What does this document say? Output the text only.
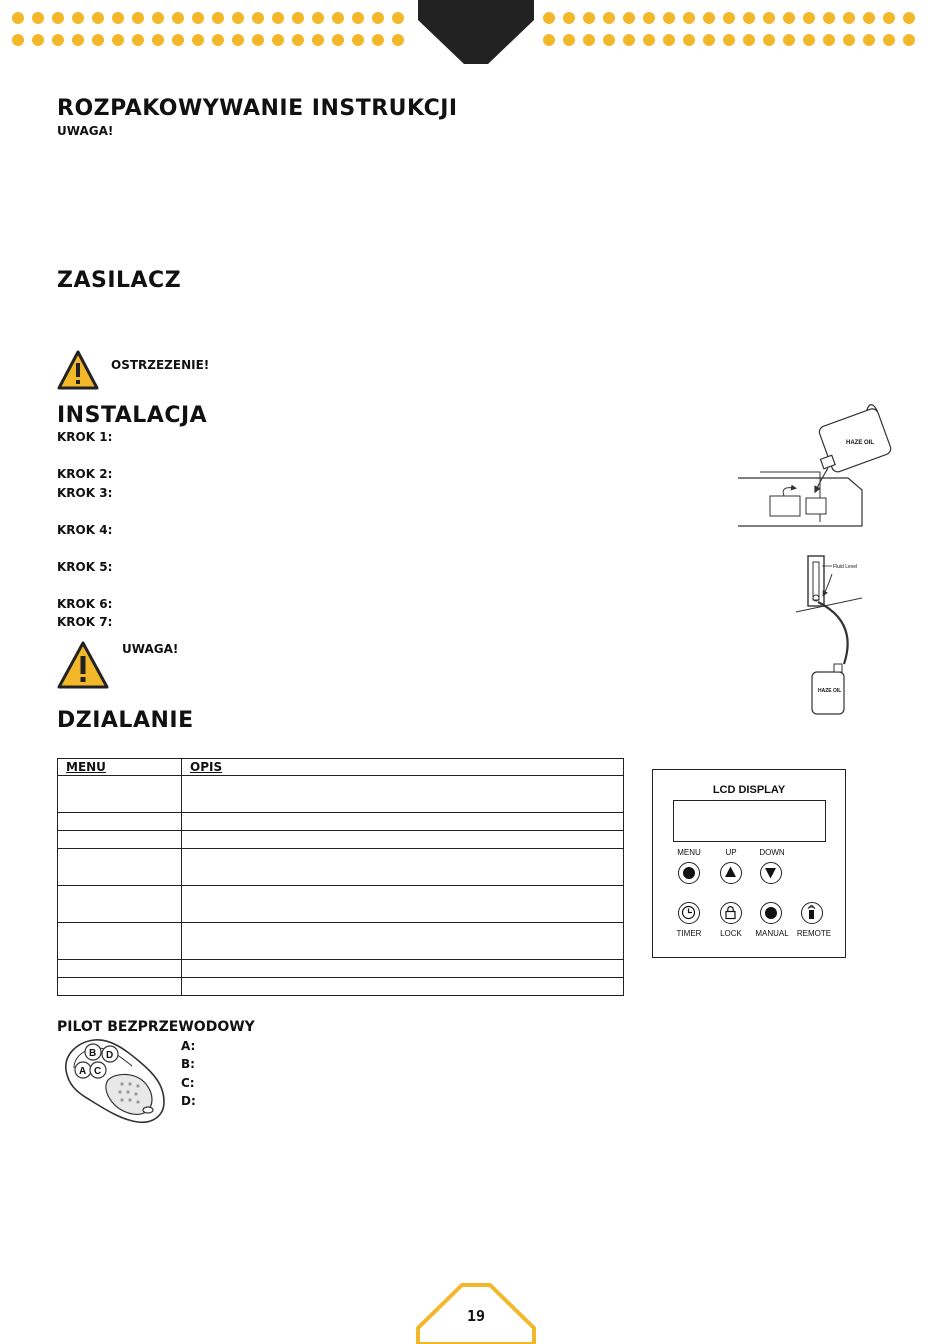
ROZPAKOWYWANIE INSTRUKCJI
UWAGA!
ZASILACZ
OSTRZEZENIE!
INSTALACJA
KROK 1:
KROK 2:
KROK 3:
KROK 4:
KROK 5:
KROK 6:
KROK 7:
UWAGA!
HAZE OIL
Fluid Level
HAZE OIL
DZIALANIE
MENU	OPIS

LCD DISPLAY
MENU	UP	DOWN
TIMER	LOCK	MANUAL	REMOTE
PILOT BEZPRZEWODOWY
A
B
C
D
A:
B:
C:
D:
19
